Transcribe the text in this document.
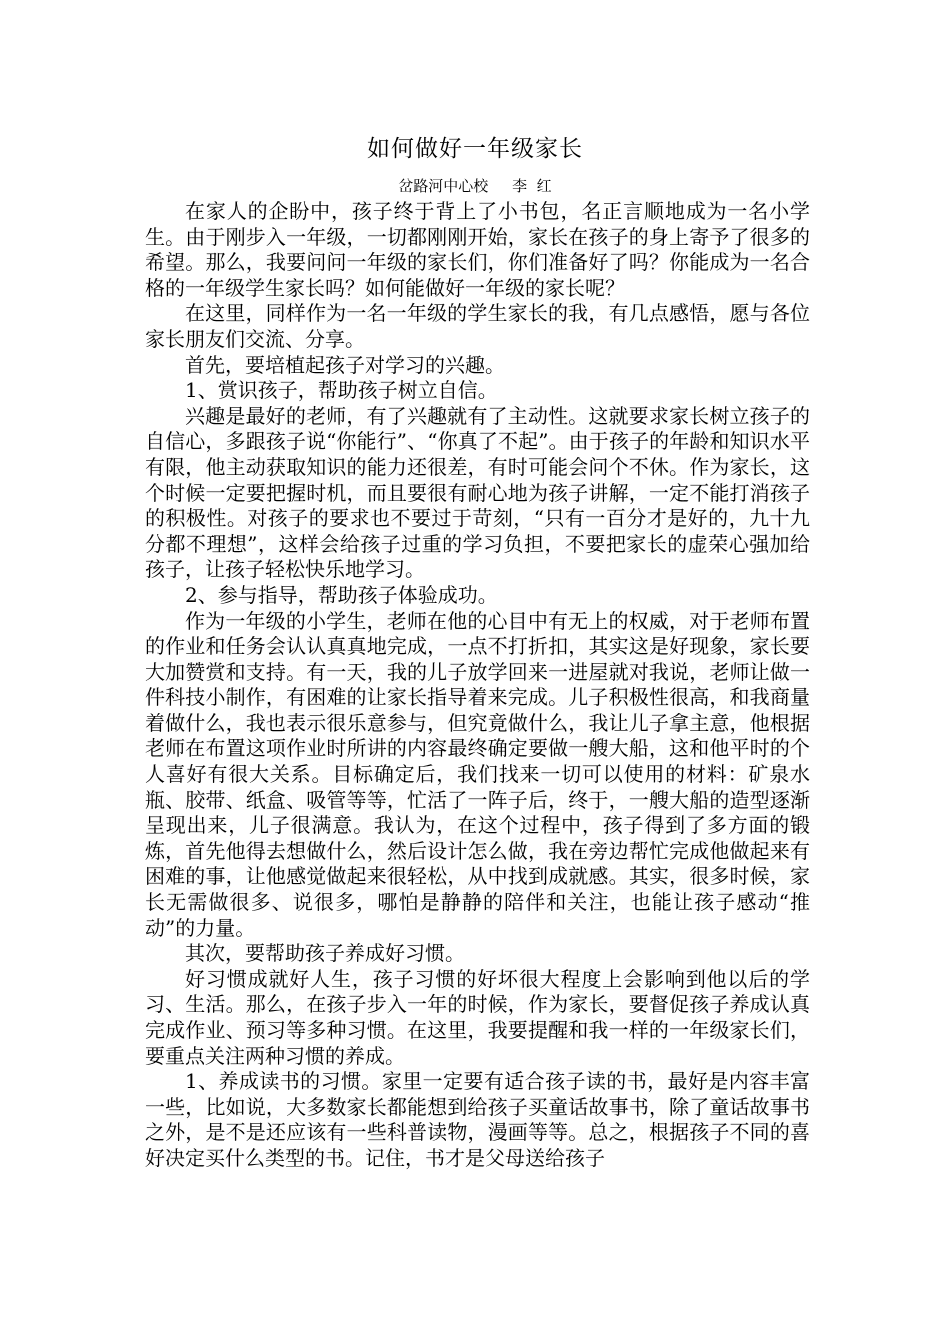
如何做好一年级家长
岔路河中心校     李  红

在家人的企盼中，孩子终于背上了小书包，名正言顺地成为一名小学生。由于刚步入一年级，一切都刚刚开始，家长在孩子的身上寄予了很多的希望。那么，我要问问一年级的家长们，你们准备好了吗？你能成为一名合格的一年级学生家长吗？如何能做好一年级的家长呢？

在这里，同样作为一名一年级的学生家长的我，有几点感悟，愿与各位家长朋友们交流、分享。

首先，要培植起孩子对学习的兴趣。

1、赏识孩子，帮助孩子树立自信。

兴趣是最好的老师，有了兴趣就有了主动性。这就要求家长树立孩子的自信心，多跟孩子说“你能行”、“你真了不起”。由于孩子的年龄和知识水平有限，他主动获取知识的能力还很差，有时可能会问个不休。作为家长，这个时候一定要把握时机，而且要很有耐心地为孩子讲解，一定不能打消孩子的积极性。对孩子的要求也不要过于苛刻，“只有一百分才是好的，九十九分都不理想”，这样会给孩子过重的学习负担，不要把家长的虚荣心强加给孩子，让孩子轻松快乐地学习。

2、参与指导，帮助孩子体验成功。

作为一年级的小学生，老师在他的心目中有无上的权威，对于老师布置的作业和任务会认认真真地完成，一点不打折扣，其实这是好现象，家长要大加赞赏和支持。有一天，我的儿子放学回来一进屋就对我说，老师让做一件科技小制作，有困难的让家长指导着来完成。儿子积极性很高，和我商量着做什么，我也表示很乐意参与，但究竟做什么，我让儿子拿主意，他根据老师在布置这项作业时所讲的内容最终确定要做一艘大船，这和他平时的个人喜好有很大关系。目标确定后，我们找来一切可以使用的材料：矿泉水瓶、胶带、纸盒、吸管等等，忙活了一阵子后，终于，一艘大船的造型逐渐呈现出来，儿子很满意。我认为，在这个过程中，孩子得到了多方面的锻炼，首先他得去想做什么，然后设计怎么做，我在旁边帮忙完成他做起来有困难的事，让他感觉做起来很轻松，从中找到成就感。其实，很多时候，家长无需做很多、说很多，哪怕是静静的陪伴和关注，也能让孩子感动“推动”的力量。

其次，要帮助孩子养成好习惯。

好习惯成就好人生，孩子习惯的好坏很大程度上会影响到他以后的学习、生活。那么，在孩子步入一年的时候，作为家长，要督促孩子养成认真完成作业、预习等多种习惯。在这里，我要提醒和我一样的一年级家长们，要重点关注两种习惯的养成。

1、养成读书的习惯。家里一定要有适合孩子读的书，最好是内容丰富一些，比如说，大多数家长都能想到给孩子买童话故事书，除了童话故事书之外，是不是还应该有一些科普读物，漫画等等。总之，根据孩子不同的喜好决定买什么类型的书。记住，书才是父母送给孩子
